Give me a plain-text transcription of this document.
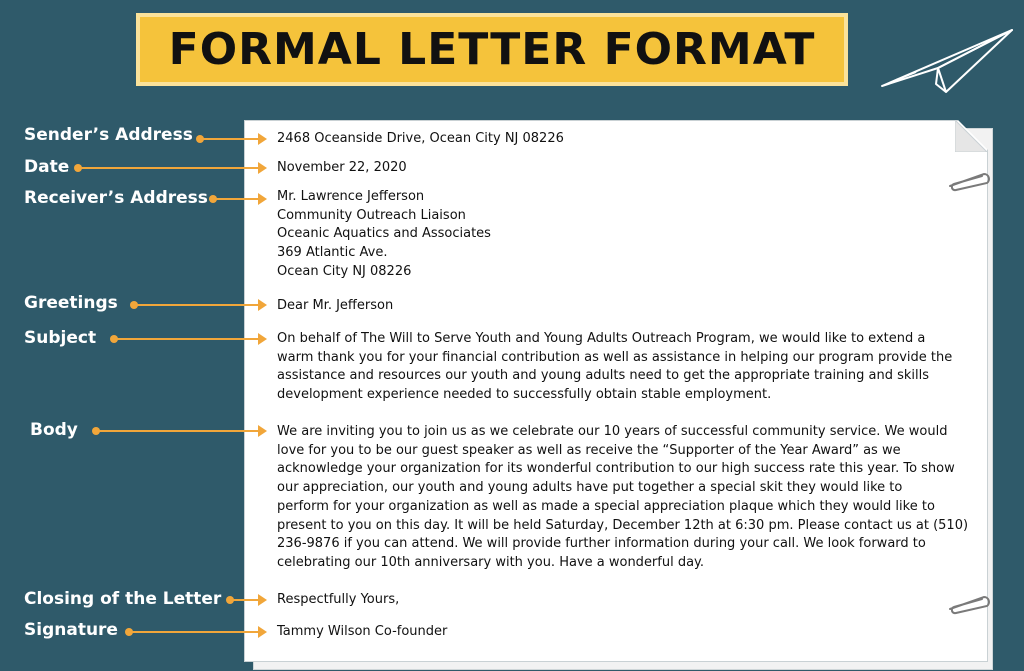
FORMAL LETTER FORMAT
Sender’s Address
Date
Receiver’s Address
Greetings
Subject
Body
Closing of the Letter
Signature
2468 Oceanside Drive, Ocean City NJ 08226
November 22, 2020
Mr. Lawrence Jefferson
Community Outreach Liaison
Oceanic Aquatics and Associates
369 Atlantic Ave.
Ocean City NJ 08226
Dear Mr. Jefferson
On behalf of The Will to Serve Youth and Young Adults Outreach Program, we would like to extend a
warm thank you for your financial contribution as well as assistance in helping our program provide the
assistance and resources our youth and young adults need to get the appropriate training and skills
development experience needed to successfully obtain stable employment.
We are inviting you to join us as we celebrate our 10 years of successful community service. We would
love for you to be our guest speaker as well as receive the “Supporter of the Year Award” as we
acknowledge your organization for its wonderful contribution to our high success rate this year. To show
our appreciation, our youth and young adults have put together a special skit they would like to
perform for your organization as well as made a special appreciation plaque which they would like to
present to you on this day. It will be held Saturday, December 12th at 6:30 pm. Please contact us at (510)
236-9876 if you can attend. We will provide further information during your call. We look forward to
celebrating our 10th anniversary with you. Have a wonderful day.
Respectfully Yours,
Tammy Wilson Co-founder
